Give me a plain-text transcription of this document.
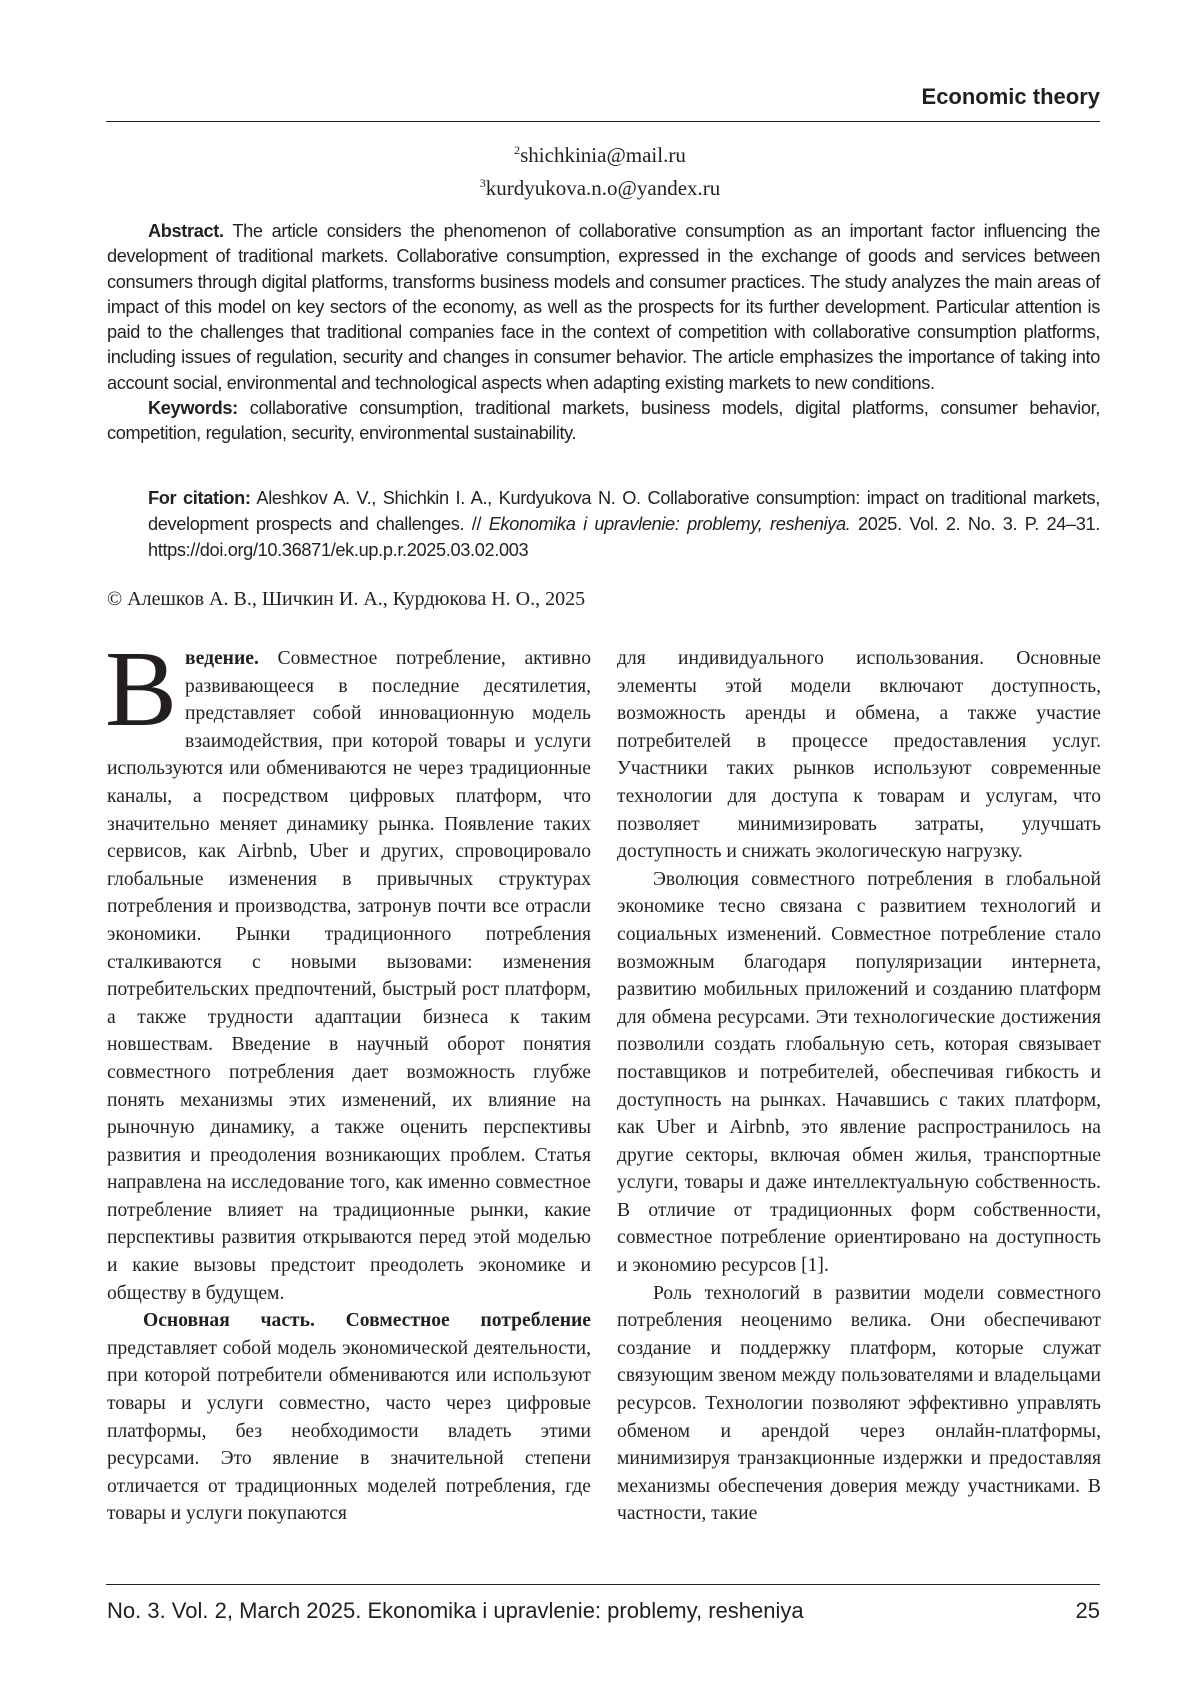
Economic theory
2shichkinia@mail.ru
3kurdyukova.n.o@yandex.ru

Abstract. The article considers the phenomenon of collaborative consumption as an important factor influencing the development of traditional markets. Collaborative consumption, expressed in the exchange of goods and services between consumers through digital platforms, transforms business models and consumer practices. The study analyzes the main areas of impact of this model on key sectors of the economy, as well as the prospects for its further development. Particular attention is paid to the challenges that traditional companies face in the context of competition with collaborative consumption platforms, including issues of regulation, security and changes in consumer behavior. The article emphasizes the importance of taking into account social, environmental and technological aspects when adapting existing markets to new conditions.

Keywords: collaborative consumption, traditional markets, business models, digital platforms, consumer behavior, competition, regulation, security, environmental sustainability.

For citation: Aleshkov A. V., Shichkin I. A., Kurdyukova N. O. Collaborative consumption: impact on traditional markets, development prospects and challenges. // Ekonomika i upravlenie: problemy, resheniya. 2025. Vol. 2. No. 3. P. 24–31. https://doi.org/10.36871/ek.up.p.r.2025.03.02.003
© Алешков А. В., Шичкин И. А., Курдюкова Н. О., 2025

В ведение. Совместное потребление, активно развивающееся в последние десятилетия, представляет собой инновационную модель взаимодействия, при которой товары и услуги используются или обмениваются не через традиционные каналы, а посредством цифровых платформ, что значительно меняет динамику рынка. Появление таких сервисов, как Airbnb, Uber и других, спровоцировало глобальные изменения в привычных структурах потребления и производства, затронув почти все отрасли экономики. Рынки традиционного потребления сталкиваются с новыми вызовами: изменения потребительских предпочтений, быстрый рост платформ, а также трудности адаптации бизнеса к таким новшествам. Введение в научный оборот понятия совместного потребления дает возможность глубже понять механизмы этих изменений, их влияние на рыночную динамику, а также оценить перспективы развития и преодоления возникающих проблем. Статья направлена на исследование того, как именно совместное потребление влияет на традиционные рынки, какие перспективы развития открываются перед этой моделью и какие вызовы предстоит преодолеть экономике и обществу в будущем.

Основная часть. Совместное потребление представляет собой модель экономической деятельности, при которой потребители обмениваются или используют товары и услуги совместно, часто через цифровые платформы, без необходимости владеть этими ресурсами. Это явление в значительной степени отличается от традиционных моделей потребления, где товары и услуги покупаются

для индивидуального использования. Основные элементы этой модели включают доступность, возможность аренды и обмена, а также участие потребителей в процессе предоставления услуг. Участники таких рынков используют современные технологии для доступа к товарам и услугам, что позволяет минимизировать затраты, улучшать доступность и снижать экологическую нагрузку.

Эволюция совместного потребления в глобальной экономике тесно связана с развитием технологий и социальных изменений. Совместное потребление стало возможным благодаря популяризации интернета, развитию мобильных приложений и созданию платформ для обмена ресурсами. Эти технологические достижения позволили создать глобальную сеть, которая связывает поставщиков и потребителей, обеспечивая гибкость и доступность на рынках. Начавшись с таких платформ, как Uber и Airbnb, это явление распространилось на другие секторы, включая обмен жилья, транспортные услуги, товары и даже интеллектуальную собственность. В отличие от традиционных форм собственности, совместное потребление ориентировано на доступность и экономию ресурсов [1].

Роль технологий в развитии модели совместного потребления неоценимо велика. Они обеспечивают создание и поддержку платформ, которые служат связующим звеном между пользователями и владельцами ресурсов. Технологии позволяют эффективно управлять обменом и арендой через онлайн-платформы, минимизируя транзакционные издержки и предоставляя механизмы обеспечения доверия между участниками. В частности, такие

No. 3. Vol. 2, March 2025. Ekonomika i upravlenie: problemy, resheniya	25
